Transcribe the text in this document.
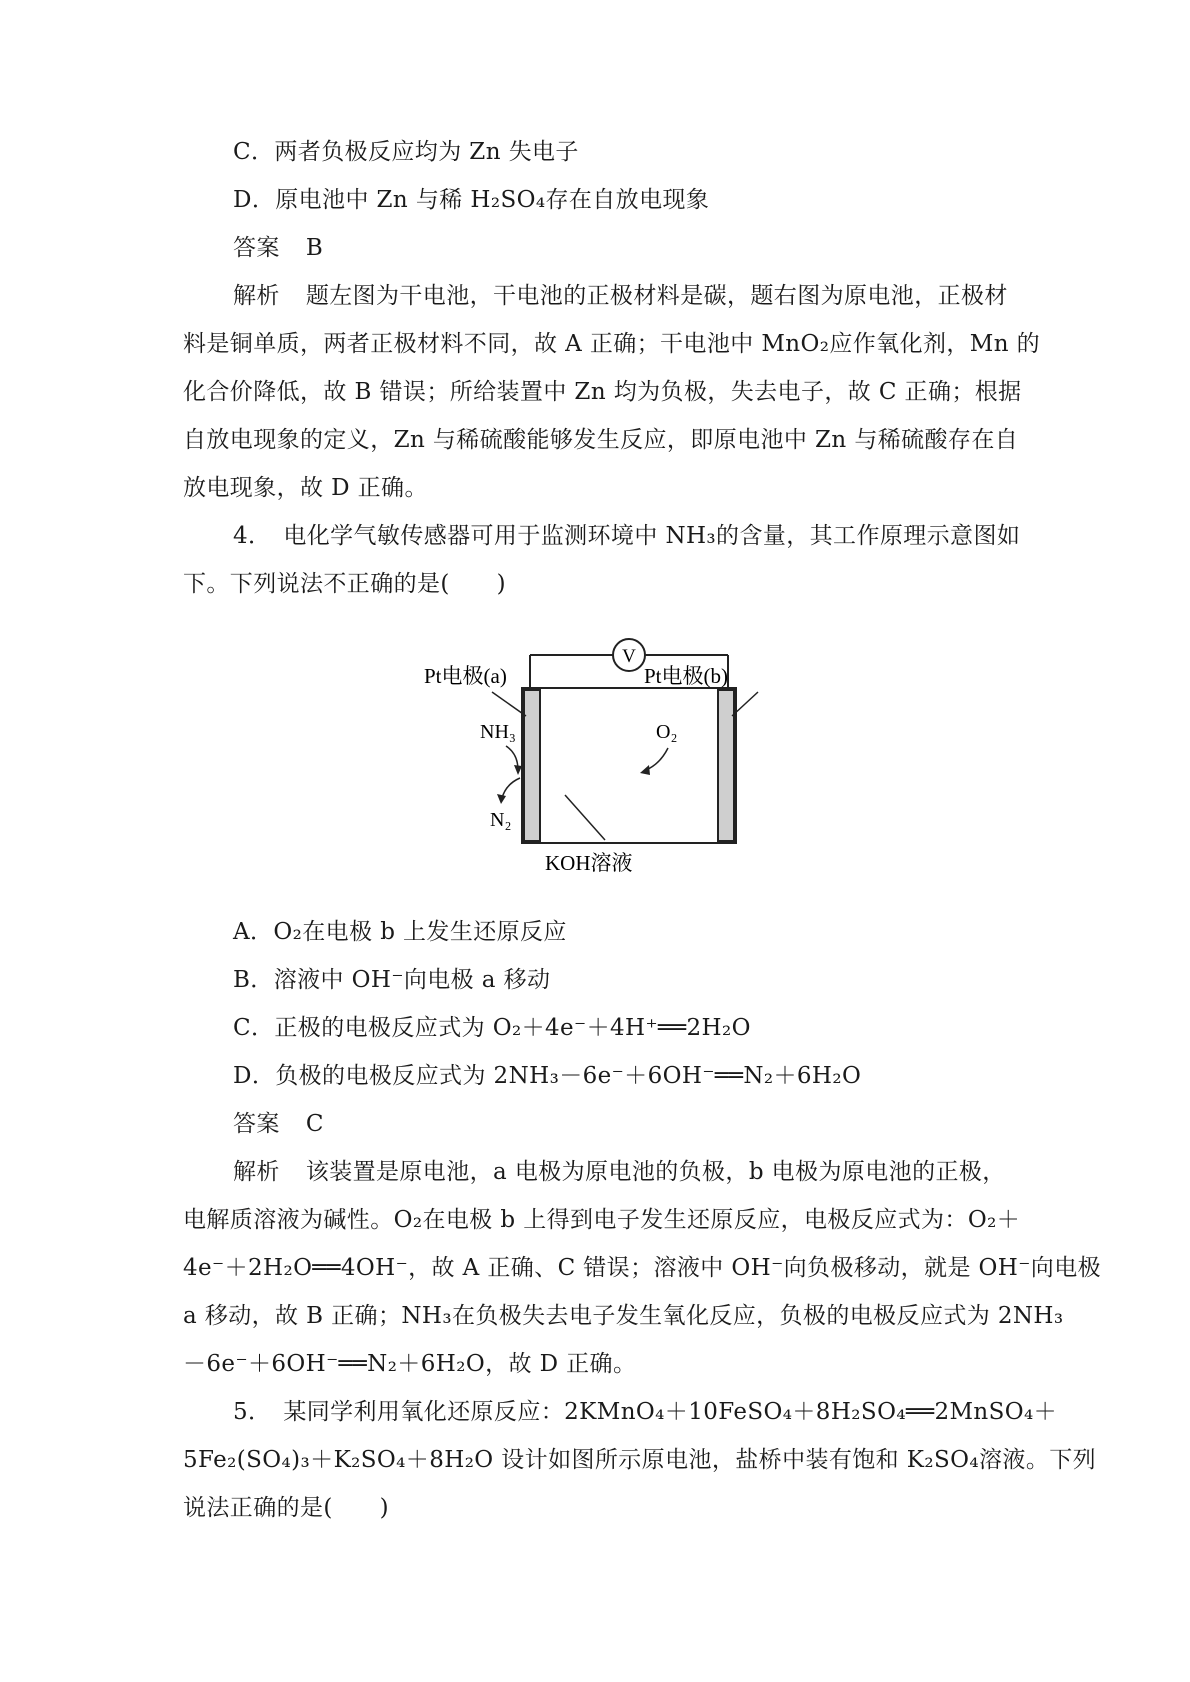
C．两者负极反应均为 Zn 失电子
D．原电池中 Zn 与稀 H₂SO₄存在自放电现象
答案 B
解析 题左图为干电池，干电池的正极材料是碳，题右图为原电池，正极材
料是铜单质，两者正极材料不同，故 A 正确；干电池中 MnO₂应作氧化剂，Mn 的
化合价降低，故 B 错误；所给装置中 Zn 均为负极，失去电子，故 C 正确；根据
自放电现象的定义，Zn 与稀硫酸能够发生反应，即原电池中 Zn 与稀硫酸存在自
放电现象，故 D 正确。
4．　电化学气敏传感器可用于监测环境中 NH₃的含量，其工作原理示意图如
下。下列说法不正确的是(　　)
V
Pt电极(a)	Pt电极(b)
NH₃
N₂
O₂
KOH溶液
A．O₂在电极 b 上发生还原反应
B．溶液中 OH⁻向电极 a 移动
C．正极的电极反应式为 O₂＋4e⁻＋4H⁺══2H₂O
D．负极的电极反应式为 2NH₃－6e⁻＋6OH⁻══N₂＋6H₂O
答案 C
解析 该装置是原电池，a 电极为原电池的负极，b 电极为原电池的正极，
电解质溶液为碱性。O₂在电极 b 上得到电子发生还原反应，电极反应式为：O₂＋
4e⁻＋2H₂O══4OH⁻，故 A 正确、C 错误；溶液中 OH⁻向负极移动，就是 OH⁻向电极
a 移动，故 B 正确；NH₃在负极失去电子发生氧化反应，负极的电极反应式为 2NH₃
－6e⁻＋6OH⁻══N₂＋6H₂O，故 D 正确。
5．　某同学利用氧化还原反应：2KMnO₄＋10FeSO₄＋8H₂SO₄══2MnSO₄＋
5Fe₂(SO₄)₃＋K₂SO₄＋8H₂O 设计如图所示原电池，盐桥中装有饱和 K₂SO₄溶液。下列
说法正确的是(　　)
